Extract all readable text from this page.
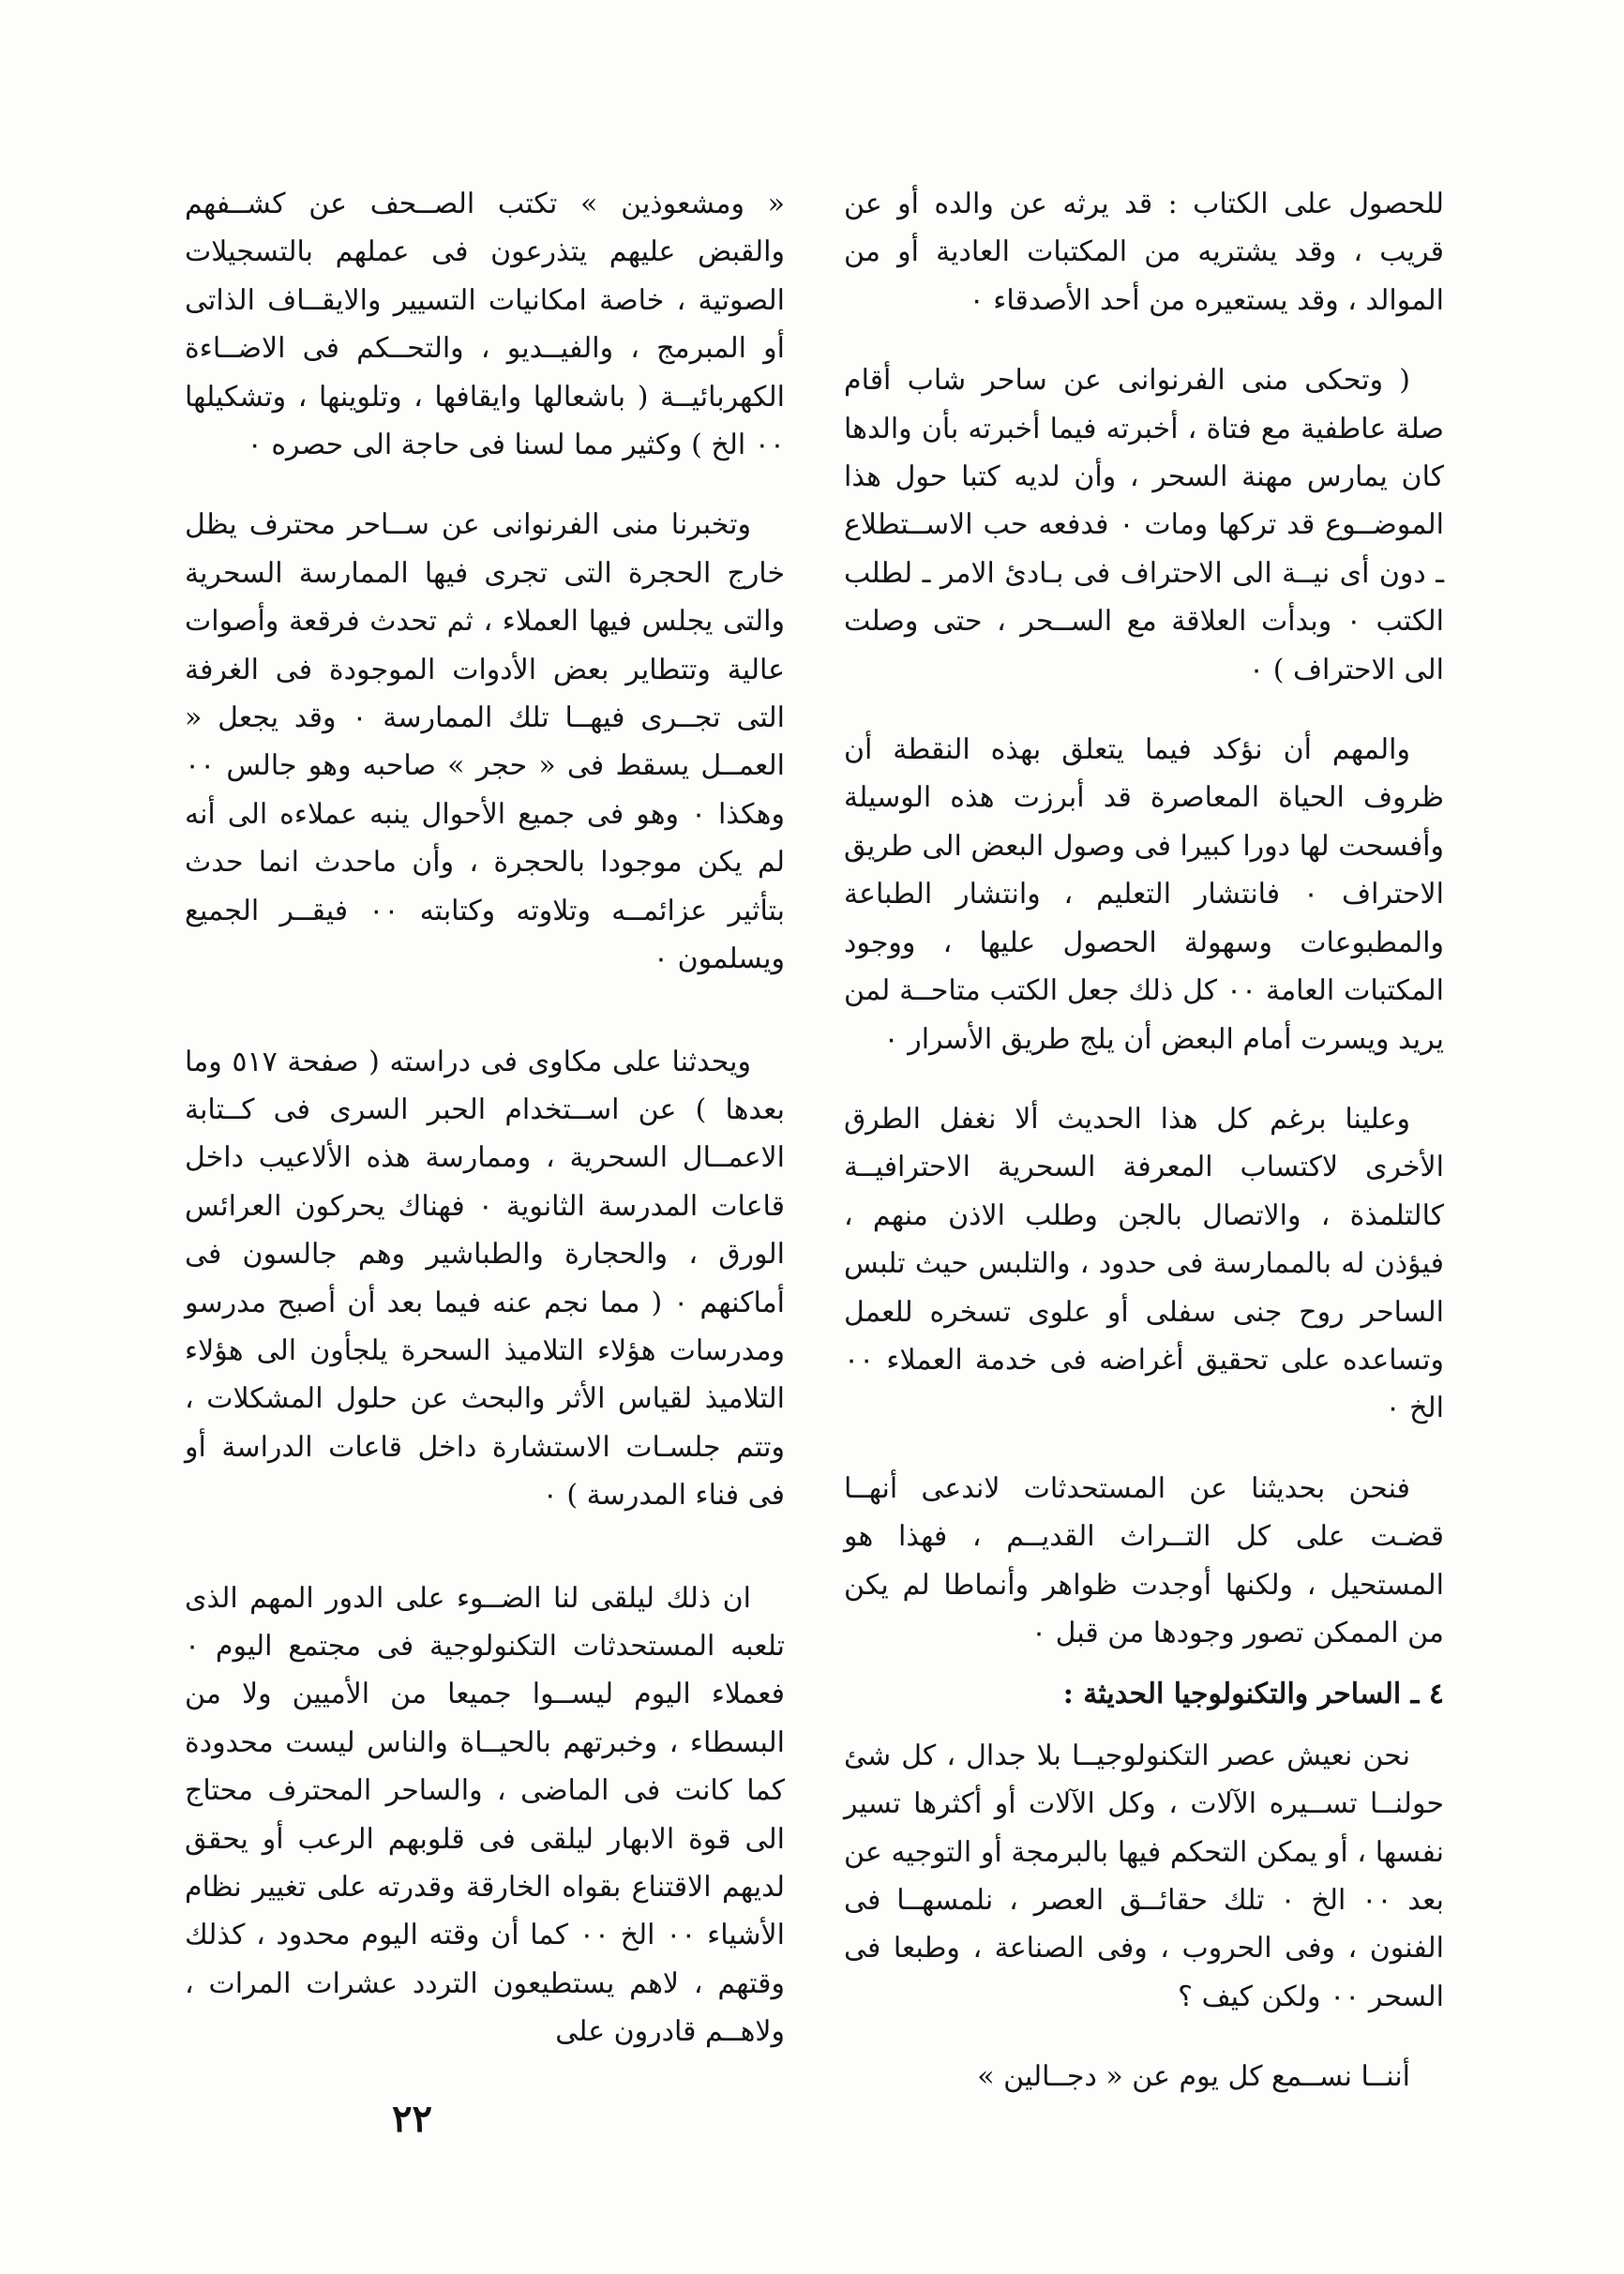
للحصول على الكتاب : قد يرثه عن والده أو عن قريب ، وقد يشتريه من المكتبات العادية أو من الموالد ، وقد يستعيره من أحد الأصدقاء ٠

( وتحكى منى الفرنوانى عن ساحر شاب أقام صلة عاطفية مع فتاة ، أخبرته فيما أخبرته بأن والدها كان يمارس مهنة السحر ، وأن لديه كتبا حول هذا الموضــوع قد تركها ومات ٠ فدفعه حب الاســتطلاع ـ دون أى نيــة الى الاحتراف فى بـادئ الامر ـ لطلب الكتب ٠ وبدأت العلاقة مع الســحر ، حتى وصلت الى الاحتراف ) ٠

والمهم أن نؤكد فيما يتعلق بهذه النقطة أن ظروف الحياة المعاصرة قد أبرزت هذه الوسيلة وأفسحت لها دورا كبيرا فى وصول البعض الى طريق الاحتراف ٠ فانتشار التعليم ، وانتشار الطباعة والمطبوعات وسهولة الحصول عليها ، ووجود المكتبات العامة ٠٠ كل ذلك جعل الكتب متاحــة لمن يريد ويسرت أمام البعض أن يلج طريق الأسرار ٠

وعلينا برغم كل هذا الحديث ألا نغفل الطرق الأخرى لاكتساب المعرفة السحرية الاحترافيــة كالتلمذة ، والاتصال بالجن وطلب الاذن منهم ، فيؤذن له بالممارسة فى حدود ، والتلبس حيث تلبس الساحر روح جنى سفلى أو علوى تسخره للعمل وتساعده على تحقيق أغراضه فى خدمة العملاء ٠٠ الخ ٠

فنحن بحديثنا عن المستحدثات لاندعى أنهــا قضـت على كل التــراث القديــم ، فهذا هو المستحيل ، ولكنها أوجدت ظواهر وأنماطا لم يكن من الممكن تصور وجودها من قبل ٠

٤ ـ الساحر والتكنولوجيا الحديثة :

نحن نعيش عصر التكنولوجيــا بلا جدال ، كل شئ حولنــا تســيره الآلات ، وكل الآلات أو أكثرها تسير نفسها ، أو يمكن التحكم فيها بالبرمجة أو التوجيه عن بعد ٠٠ الخ ٠ تلك حقائــق العصر ، نلمسهــا فى الفنون ، وفى الحروب ، وفى الصناعة ، وطبعا فى السحر ٠٠ ولكن كيف ؟

أننــا نســمع كل يوم عن « دجــالين »

« ومشعوذين » تكتب الصــحف عن كشــفهم والقبض عليهم يتذرعون فى عملهم بالتسجيلات الصوتية ، خاصة امكانيات التسيير والايقــاف الذاتى أو المبرمج ، والفيــديو ، والتحــكم فى الاضــاءة الكهربائيــة ( باشعالها وايقافها ، وتلوينها ، وتشكيلها ٠٠ الخ ) وكثير مما لسنا فى حاجة الى حصره ٠

وتخبرنا منى الفرنوانى عن ســاحر محترف يظل خارج الحجرة التى تجرى فيها الممارسة السحرية والتى يجلس فيها العملاء ، ثم تحدث فرقعة وأصوات عالية وتتطاير بعض الأدوات الموجودة فى الغرفة التى تجــرى فيهــا تلك الممارسة ٠ وقد يجعل « العمــل يسقط فى « حجر » صاحبه وهو جالس ٠٠ وهكذا ٠ وهو فى جميع الأحوال ينبه عملاءه الى أنه لم يكن موجودا بالحجرة ، وأن ماحدث انما حدث بتأثير عزائمــه وتلاوته وكتابته ٠٠ فيقــر الجميع ويسلمون ٠

ويحدثنا على مكاوى فى دراسته ( صفحة ٥١٧ وما بعدها ) عن اســتخدام الحبر السرى فى كــتابة الاعمــال السحرية ، وممارسة هذه الألاعيب داخل قاعات المدرسة الثانوية ٠ فهناك يحركون العرائس الورق ، والحجارة والطباشير وهم جالسون فى أماكنهم ٠ ( مما نجم عنه فيما بعد أن أصبح مدرسو ومدرسات هؤلاء التلاميذ السحرة يلجأون الى هؤلاء التلاميذ لقياس الأثر والبحث عن حلول المشكلات ، وتتم جلسـات الاستشارة داخل قاعات الدراسة أو فى فناء المدرسة ) ٠

ان ذلك ليلقى لنا الضــوء على الدور المهم الذى تلعبه المستحدثات التكنولوجية فى مجتمع اليوم ٠ فعملاء اليوم ليســوا جميعا من الأميين ولا من البسطاء ، وخبرتهم بالحيــاة والناس ليست محدودة كما كانت فى الماضى ، والساحر المحترف محتاج الى قوة الابهار ليلقى فى قلوبهم الرعب أو يحقق لديهم الاقتناع بقواه الخارقة وقدرته على تغيير نظام الأشياء ٠٠ الخ ٠٠ كما أن وقته اليوم محدود ، كذلك وقتهم ، لاهم يستطيعون التردد عشرات المرات ، ولاهــم قادرون على

٢٢
